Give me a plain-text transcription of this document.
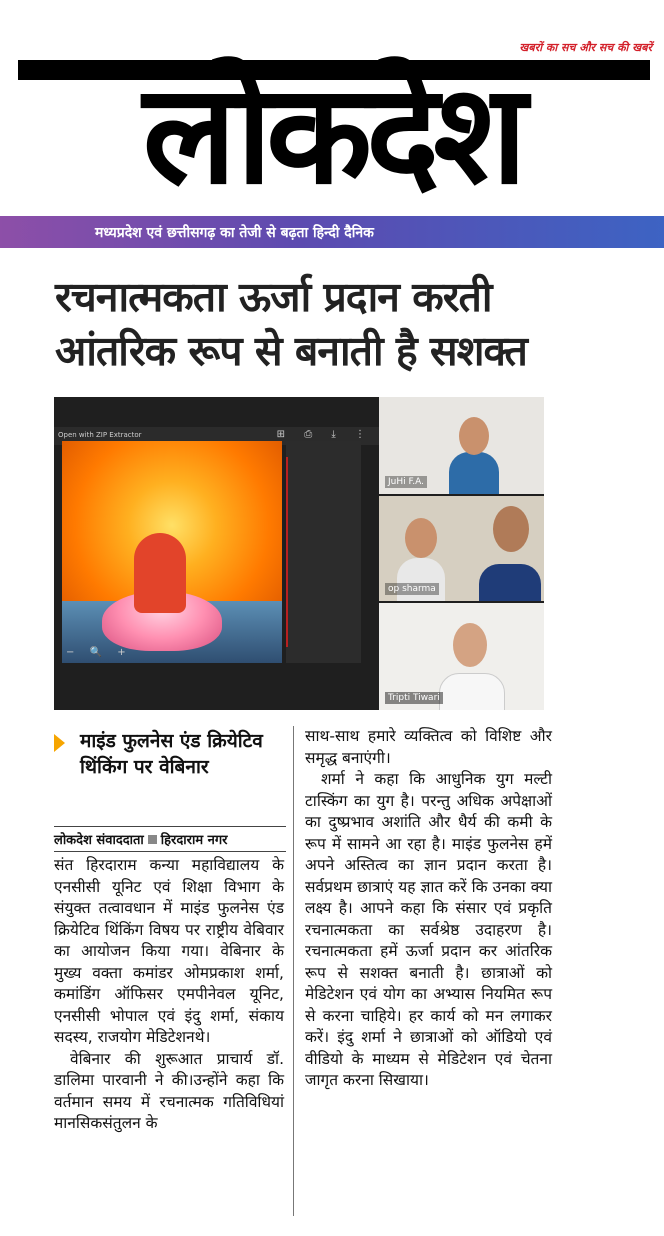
खबरों का सच और सच की खबरें
लोकदेश
मध्यप्रदेश एवं छत्तीसगढ़ का तेजी से बढ़ता हिन्दी दैनिक
रचनात्मकता ऊर्जा प्रदान करती
आंतरिक रूप से बनाती है सशक्त
Open with ZIP Extractor	⊞ ⎙ ⤓ ⋮
− 🔍 +
JuHi F.A.
op sharma
Tripti Tiwari
माइंड फुलनेस एंड क्रियेटिव थिंकिंग पर वेबिनार
लोकदेश संवाददाता हिरदाराम नगर

संत हिरदाराम कन्या महाविद्यालय के एनसीसी यूनिट एवं शिक्षा विभाग के संयुक्त तत्वावधान में माइंड फुलनेस एंड क्रियेटिव थिंकिंग विषय पर राष्ट्रीय वेबिवार का आयोजन किया गया। वेबिनार के मुख्य वक्ता कमांडर ओमप्रकाश शर्मा, कमांडिंग ऑफिसर एमपीनेवल यूनिट, एनसीसी भोपाल एवं इंदु शर्मा, संकाय सदस्य, राजयोग मेडिटेशनथे।

वेबिनार की शुरूआत प्राचार्य डॉ. डालिमा पारवानी ने की।उन्होंने कहा कि वर्तमान समय में रचनात्मक गतिविधियां मानसिकसंतुलन के

साथ-साथ हमारे व्यक्तित्व को विशिष्ट और समृद्ध बनाएंगी।

शर्मा ने कहा कि आधुनिक युग मल्टी टास्किंग का युग है। परन्तु अधिक अपेक्षाओं का दुष्प्रभाव अशांति और धैर्य की कमी के रूप में सामने आ रहा है। माइंड फुलनेस हमें अपने अस्तित्व का ज्ञान प्रदान करता है। सर्वप्रथम छात्राएं यह ज्ञात करें कि उनका क्या लक्ष्य है। आपने कहा कि संसार एवं प्रकृति रचनात्मकता का सर्वश्रेष्ठ उदाहरण है। रचनात्मकता हमें ऊर्जा प्रदान कर आंतरिक रूप से सशक्त बनाती है। छात्राओं को मेडिटेशन एवं योग का अभ्यास नियमित रूप से करना चाहिये। हर कार्य को मन लगाकर करें। इंदु शर्मा ने छात्राओं को ऑडियो एवं वीडियो के माध्यम से मेडिटेशन एवं चेतना जागृत करना सिखाया।
